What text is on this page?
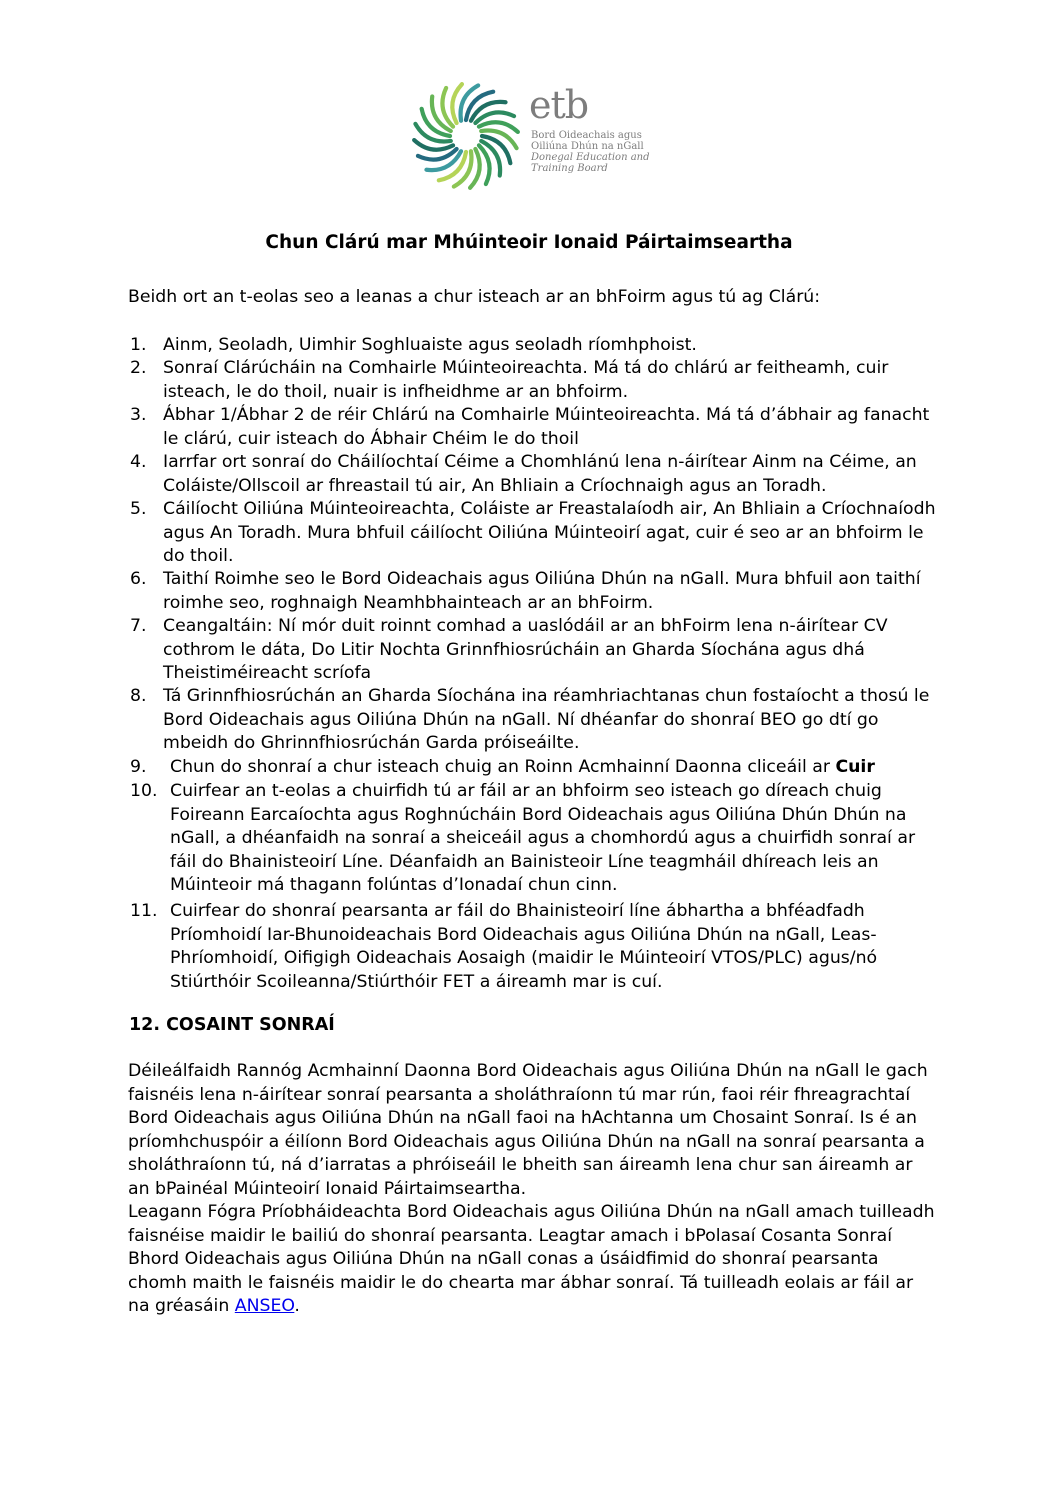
etb
Bord Oideachais agus
Oiliúna Dhún na nGall
Donegal Education and
Training Board
Chun Clárú mar Mhúinteoir Ionaid Páirtaimseartha
Beidh ort an t-eolas seo a leanas a chur isteach ar an bhFoirm agus tú ag Clárú:
1. Ainm, Seoladh, Uimhir Soghluaiste agus seoladh ríomhphoist.
2. Sonraí Clárúcháin na Comhairle Múinteoireachta. Má tá do chlárú ar feitheamh, cuir
isteach, le do thoil, nuair is infheidhme ar an bhfoirm.
3. Ábhar 1/Ábhar 2 de réir Chlárú na Comhairle Múinteoireachta. Má tá d’ábhair ag fanacht
le clárú, cuir isteach do Ábhair Chéim le do thoil
4. Iarrfar ort sonraí do Cháilíochtaí Céime a Chomhlánú lena n-áirítear Ainm na Céime, an
Coláiste/Ollscoil ar fhreastail tú air, An Bhliain a Críochnaigh agus an Toradh.
5. Cáilíocht Oiliúna Múinteoireachta, Coláiste ar Freastalaíodh air, An Bhliain a Críochnaíodh
agus An Toradh. Mura bhfuil cáilíocht Oiliúna Múinteoirí agat, cuir é seo ar an bhfoirm le
do thoil.
6. Taithí Roimhe seo le Bord Oideachais agus Oiliúna Dhún na nGall. Mura bhfuil aon taithí
roimhe seo, roghnaigh Neamhbhainteach ar an bhFoirm.
7. Ceangaltáin: Ní mór duit roinnt comhad a uaslódáil ar an bhFoirm lena n-áirítear CV
cothrom le dáta, Do Litir Nochta Grinnfhiosrúcháin an Gharda Síochána agus dhá
Theistiméireacht scríofa
8. Tá Grinnfhiosrúchán an Gharda Síochána ina réamhriachtanas chun fostaíocht a thosú le
Bord Oideachais agus Oiliúna Dhún na nGall. Ní dhéanfar do shonraí BEO go dtí go
mbeidh do Ghrinnfhiosrúchán Garda próiseáilte.
9. Chun do shonraí a chur isteach chuig an Roinn Acmhainní Daonna cliceáil ar Cuir
10. Cuirfear an t-eolas a chuirfidh tú ar fáil ar an bhfoirm seo isteach go díreach chuig
Foireann Earcaíochta agus Roghnúcháin Bord Oideachais agus Oiliúna Dhún Dhún na
nGall, a dhéanfaidh na sonraí a sheiceáil agus a chomhordú agus a chuirfidh sonraí ar
fáil do Bhainisteoirí Líne. Déanfaidh an Bainisteoir Líne teagmháil dhíreach leis an
Múinteoir má thagann folúntas d’Ionadaí chun cinn.
11. Cuirfear do shonraí pearsanta ar fáil do Bhainisteoirí líne ábhartha a bhféadfadh
Príomhoidí Iar-Bhunoideachais Bord Oideachais agus Oiliúna Dhún na nGall, Leas-
Phríomhoidí, Oifigigh Oideachais Aosaigh (maidir le Múinteoirí VTOS/PLC) agus/nó
Stiúrthóir Scoileanna/Stiúrthóir FET a áireamh mar is cuí.
12. COSAINT SONRAÍ
Déileálfaidh Rannóg Acmhainní Daonna Bord Oideachais agus Oiliúna Dhún na nGall le gach
faisnéis lena n-áirítear sonraí pearsanta a sholáthraíonn tú mar rún, faoi réir fhreagrachtaí
Bord Oideachais agus Oiliúna Dhún na nGall faoi na hAchtanna um Chosaint Sonraí. Is é an
príomhchuspóir a éilíonn Bord Oideachais agus Oiliúna Dhún na nGall na sonraí pearsanta a
sholáthraíonn tú, ná d’iarratas a phróiseáil le bheith san áireamh lena chur san áireamh ar
an bPainéal Múinteoirí Ionaid Páirtaimseartha.
Leagann Fógra Príobháideachta Bord Oideachais agus Oiliúna Dhún na nGall amach tuilleadh
faisnéise maidir le bailiú do shonraí pearsanta. Leagtar amach i bPolasaí Cosanta Sonraí
Bhord Oideachais agus Oiliúna Dhún na nGall conas a úsáidfimid do shonraí pearsanta
chomh maith le faisnéis maidir le do chearta mar ábhar sonraí. Tá tuilleadh eolais ar fáil ar
na gréasáin ANSEO.
